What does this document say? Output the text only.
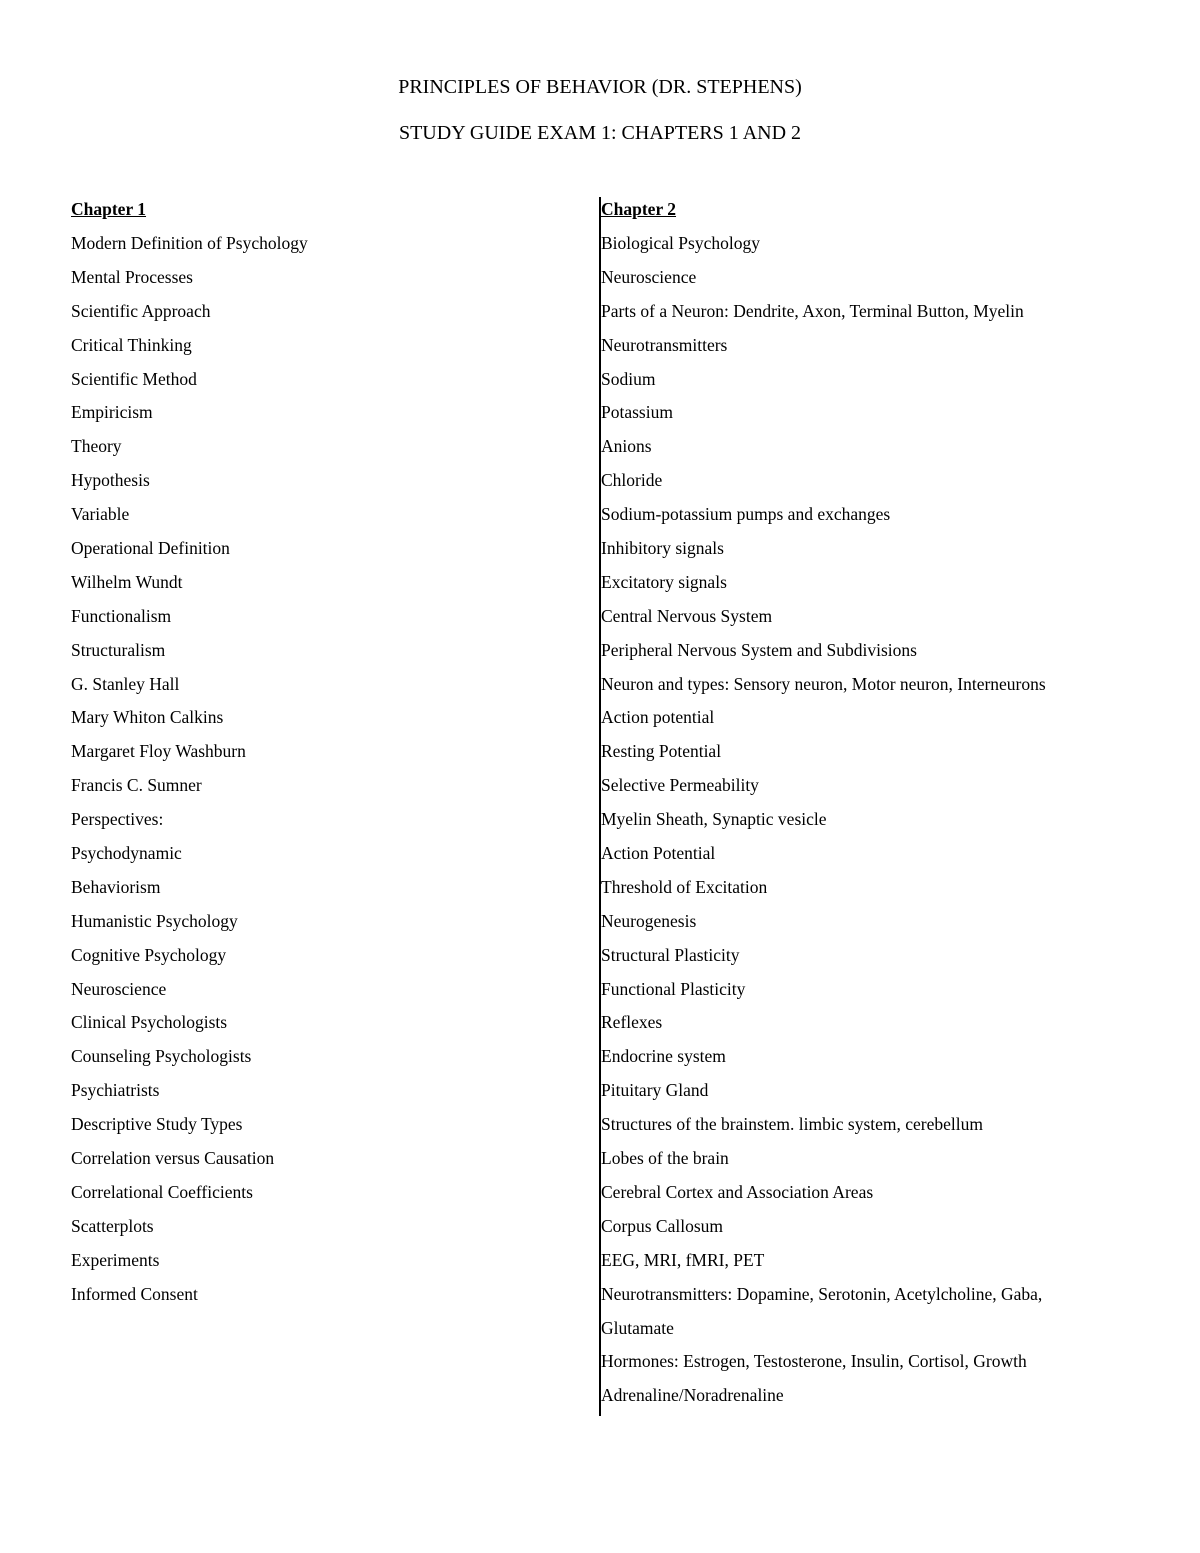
PRINCIPLES OF BEHAVIOR (DR. STEPHENS)
STUDY GUIDE EXAM 1: CHAPTERS 1 AND 2
Chapter 1
Modern Definition of Psychology
Mental Processes
Scientific Approach
Critical Thinking
Scientific Method
Empiricism
Theory
Hypothesis
Variable
Operational Definition
Wilhelm Wundt
Functionalism
Structuralism
G. Stanley Hall
Mary Whiton Calkins
Margaret Floy Washburn
Francis C. Sumner
Perspectives:
Psychodynamic
Behaviorism
Humanistic Psychology
Cognitive Psychology
Neuroscience
Clinical Psychologists
Counseling Psychologists
Psychiatrists
Descriptive Study Types
Correlation versus Causation
Correlational Coefficients
Scatterplots
Experiments
Informed Consent
Chapter 2
Biological Psychology
Neuroscience
Parts of a Neuron: Dendrite, Axon, Terminal Button, Myelin
Neurotransmitters
Sodium
Potassium
Anions
Chloride
Sodium-potassium pumps and exchanges
Inhibitory signals
Excitatory signals
Central Nervous System
Peripheral Nervous System and Subdivisions
Neuron and types: Sensory neuron, Motor neuron, Interneurons
Action potential
Resting Potential
Selective Permeability
Myelin Sheath, Synaptic vesicle
Action Potential
Threshold of Excitation
Neurogenesis
Structural Plasticity
Functional Plasticity
Reflexes
Endocrine system
Pituitary Gland
Structures of the brainstem. limbic system, cerebellum
Lobes of the brain
Cerebral Cortex and Association Areas
Corpus Callosum
EEG, MRI, fMRI, PET
Neurotransmitters: Dopamine, Serotonin, Acetylcholine, Gaba,
Glutamate
Hormones: Estrogen, Testosterone, Insulin, Cortisol, Growth
Adrenaline/Noradrenaline
